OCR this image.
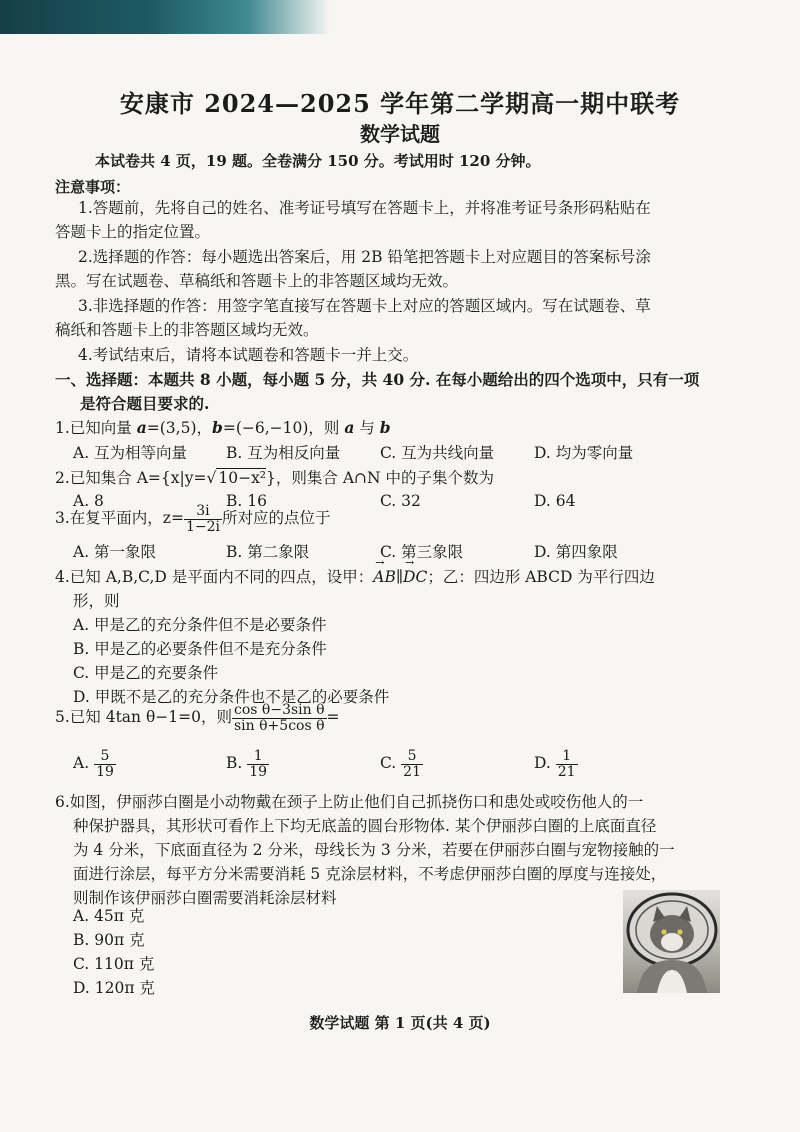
安康市 2024—2025 学年第二学期高一期中联考
数学试题
本试卷共 4 页，19 题。全卷满分 150 分。考试用时 120 分钟。
注意事项：
1.答题前，先将自己的姓名、准考证号填写在答题卡上，并将准考证号条形码粘贴在
答题卡上的指定位置。
2.选择题的作答：每小题选出答案后，用 2B 铅笔把答题卡上对应题目的答案标号涂
黑。写在试题卷、草稿纸和答题卡上的非答题区域均无效。
3.非选择题的作答：用签字笔直接写在答题卡上对应的答题区域内。写在试题卷、草
稿纸和答题卡上的非答题区域均无效。
4.考试结束后，请将本试题卷和答题卡一并上交。
一、选择题：本题共 8 小题，每小题 5 分，共 40 分. 在每小题给出的四个选项中，只有一项
是符合题目要求的.
1.已知向量 a=(3,5)，b=(−6,−10)，则 a 与 b
A. 互为相等向量	B. 互为相反向量	C. 互为共线向量	D. 均为零向量
2.已知集合 A={x|y=√ 10−x²}，则集合 A∩N 中的子集个数为
A. 8	B. 16	C. 32	D. 64
3.在复平面内，$z= \frac{3i}{1-2i}$ 所对应的点位于
A. 第一象限	B. 第二象限	C. 第三象限	D. 第四象限
4.已知 A,B,C,D 是平面内不同的四点，设甲：→ AB∥→ DC；乙：四边形 ABCD 为平行四边
形，则
A. 甲是乙的充分条件但不是必要条件
B. 甲是乙的必要条件但不是充分条件
C. 甲是乙的充要条件
D. 甲既不是乙的充分条件也不是乙的必要条件
5.已知 4tan θ−1=0，则 $\frac{\text{cos θ−3sin θ}}{\text{sin θ+5cos θ}}$ =
A. $\frac{5}{19}$	B. $\frac{1}{19}$	C. $\frac{5}{21}$	D. $\frac{1}{21}$
6.如图，伊丽莎白圈是小动物戴在颈子上防止他们自己抓挠伤口和患处或咬伤他人的一
种保护器具，其形状可看作上下均无底盖的圆台形物体. 某个伊丽莎白圈的上底面直径
为 4 分米，下底面直径为 2 分米，母线长为 3 分米，若要在伊丽莎白圈与宠物接触的一
面进行涂层，每平方分米需要消耗 5 克涂层材料，不考虑伊丽莎白圈的厚度与连接处，
则制作该伊丽莎白圈需要消耗涂层材料
A. 45π 克
B. 90π 克
C. 110π 克
D. 120π 克
数学试题 第 1 页(共 4 页)
